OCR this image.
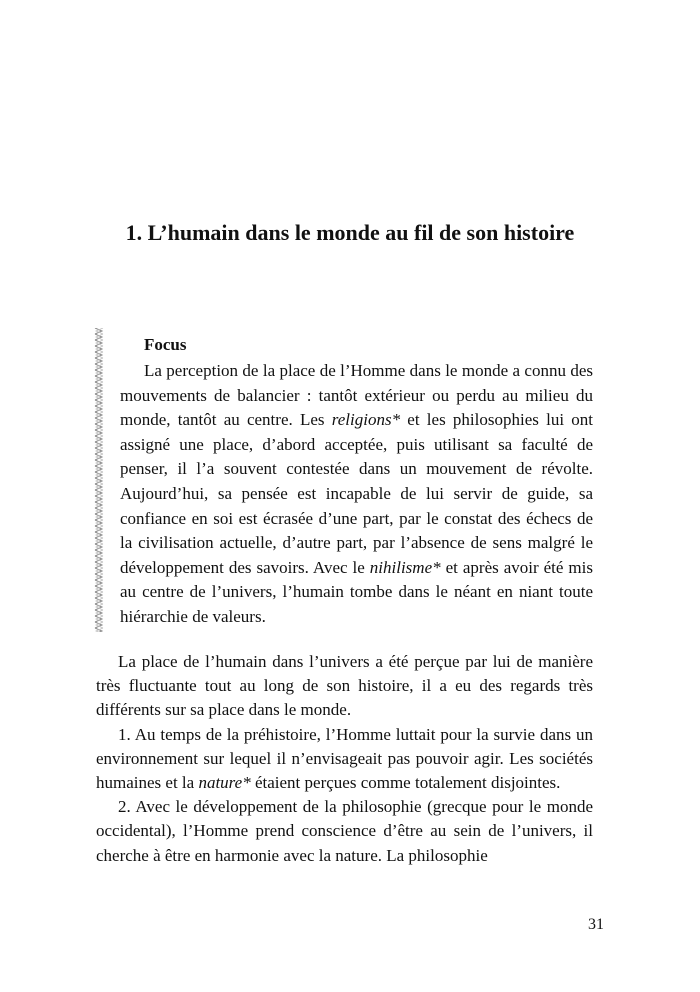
1. L’humain dans le monde au fil de son histoire

Focus

La perception de la place de l’Homme dans le monde a connu des mouvements de balancier : tantôt extérieur ou perdu au milieu du monde, tantôt au centre. Les religions* et les philosophies lui ont assigné une place, d’abord acceptée, puis utilisant sa faculté de penser, il l’a souvent contestée dans un mouvement de révolte. Aujourd’hui, sa pensée est incapable de lui servir de guide, sa confiance en soi est écrasée d’une part, par le constat des échecs de la civilisation actuelle, d’autre part, par l’absence de sens malgré le développement des savoirs. Avec le nihilisme* et après avoir été mis au centre de l’univers, l’humain tombe dans le néant en niant toute hiérarchie de valeurs.

La place de l’humain dans l’univers a été perçue par lui de manière très fluctuante tout au long de son histoire, il a eu des regards très différents sur sa place dans le monde.

1. Au temps de la préhistoire, l’Homme luttait pour la survie dans un environnement sur lequel il n’envisageait pas pouvoir agir. Les sociétés humaines et la nature* étaient perçues comme totalement disjointes.

2. Avec le développement de la philosophie (grecque pour le monde occidental), l’Homme prend conscience d’être au sein de l’univers, il cherche à être en harmonie avec la nature. La philosophie

31
